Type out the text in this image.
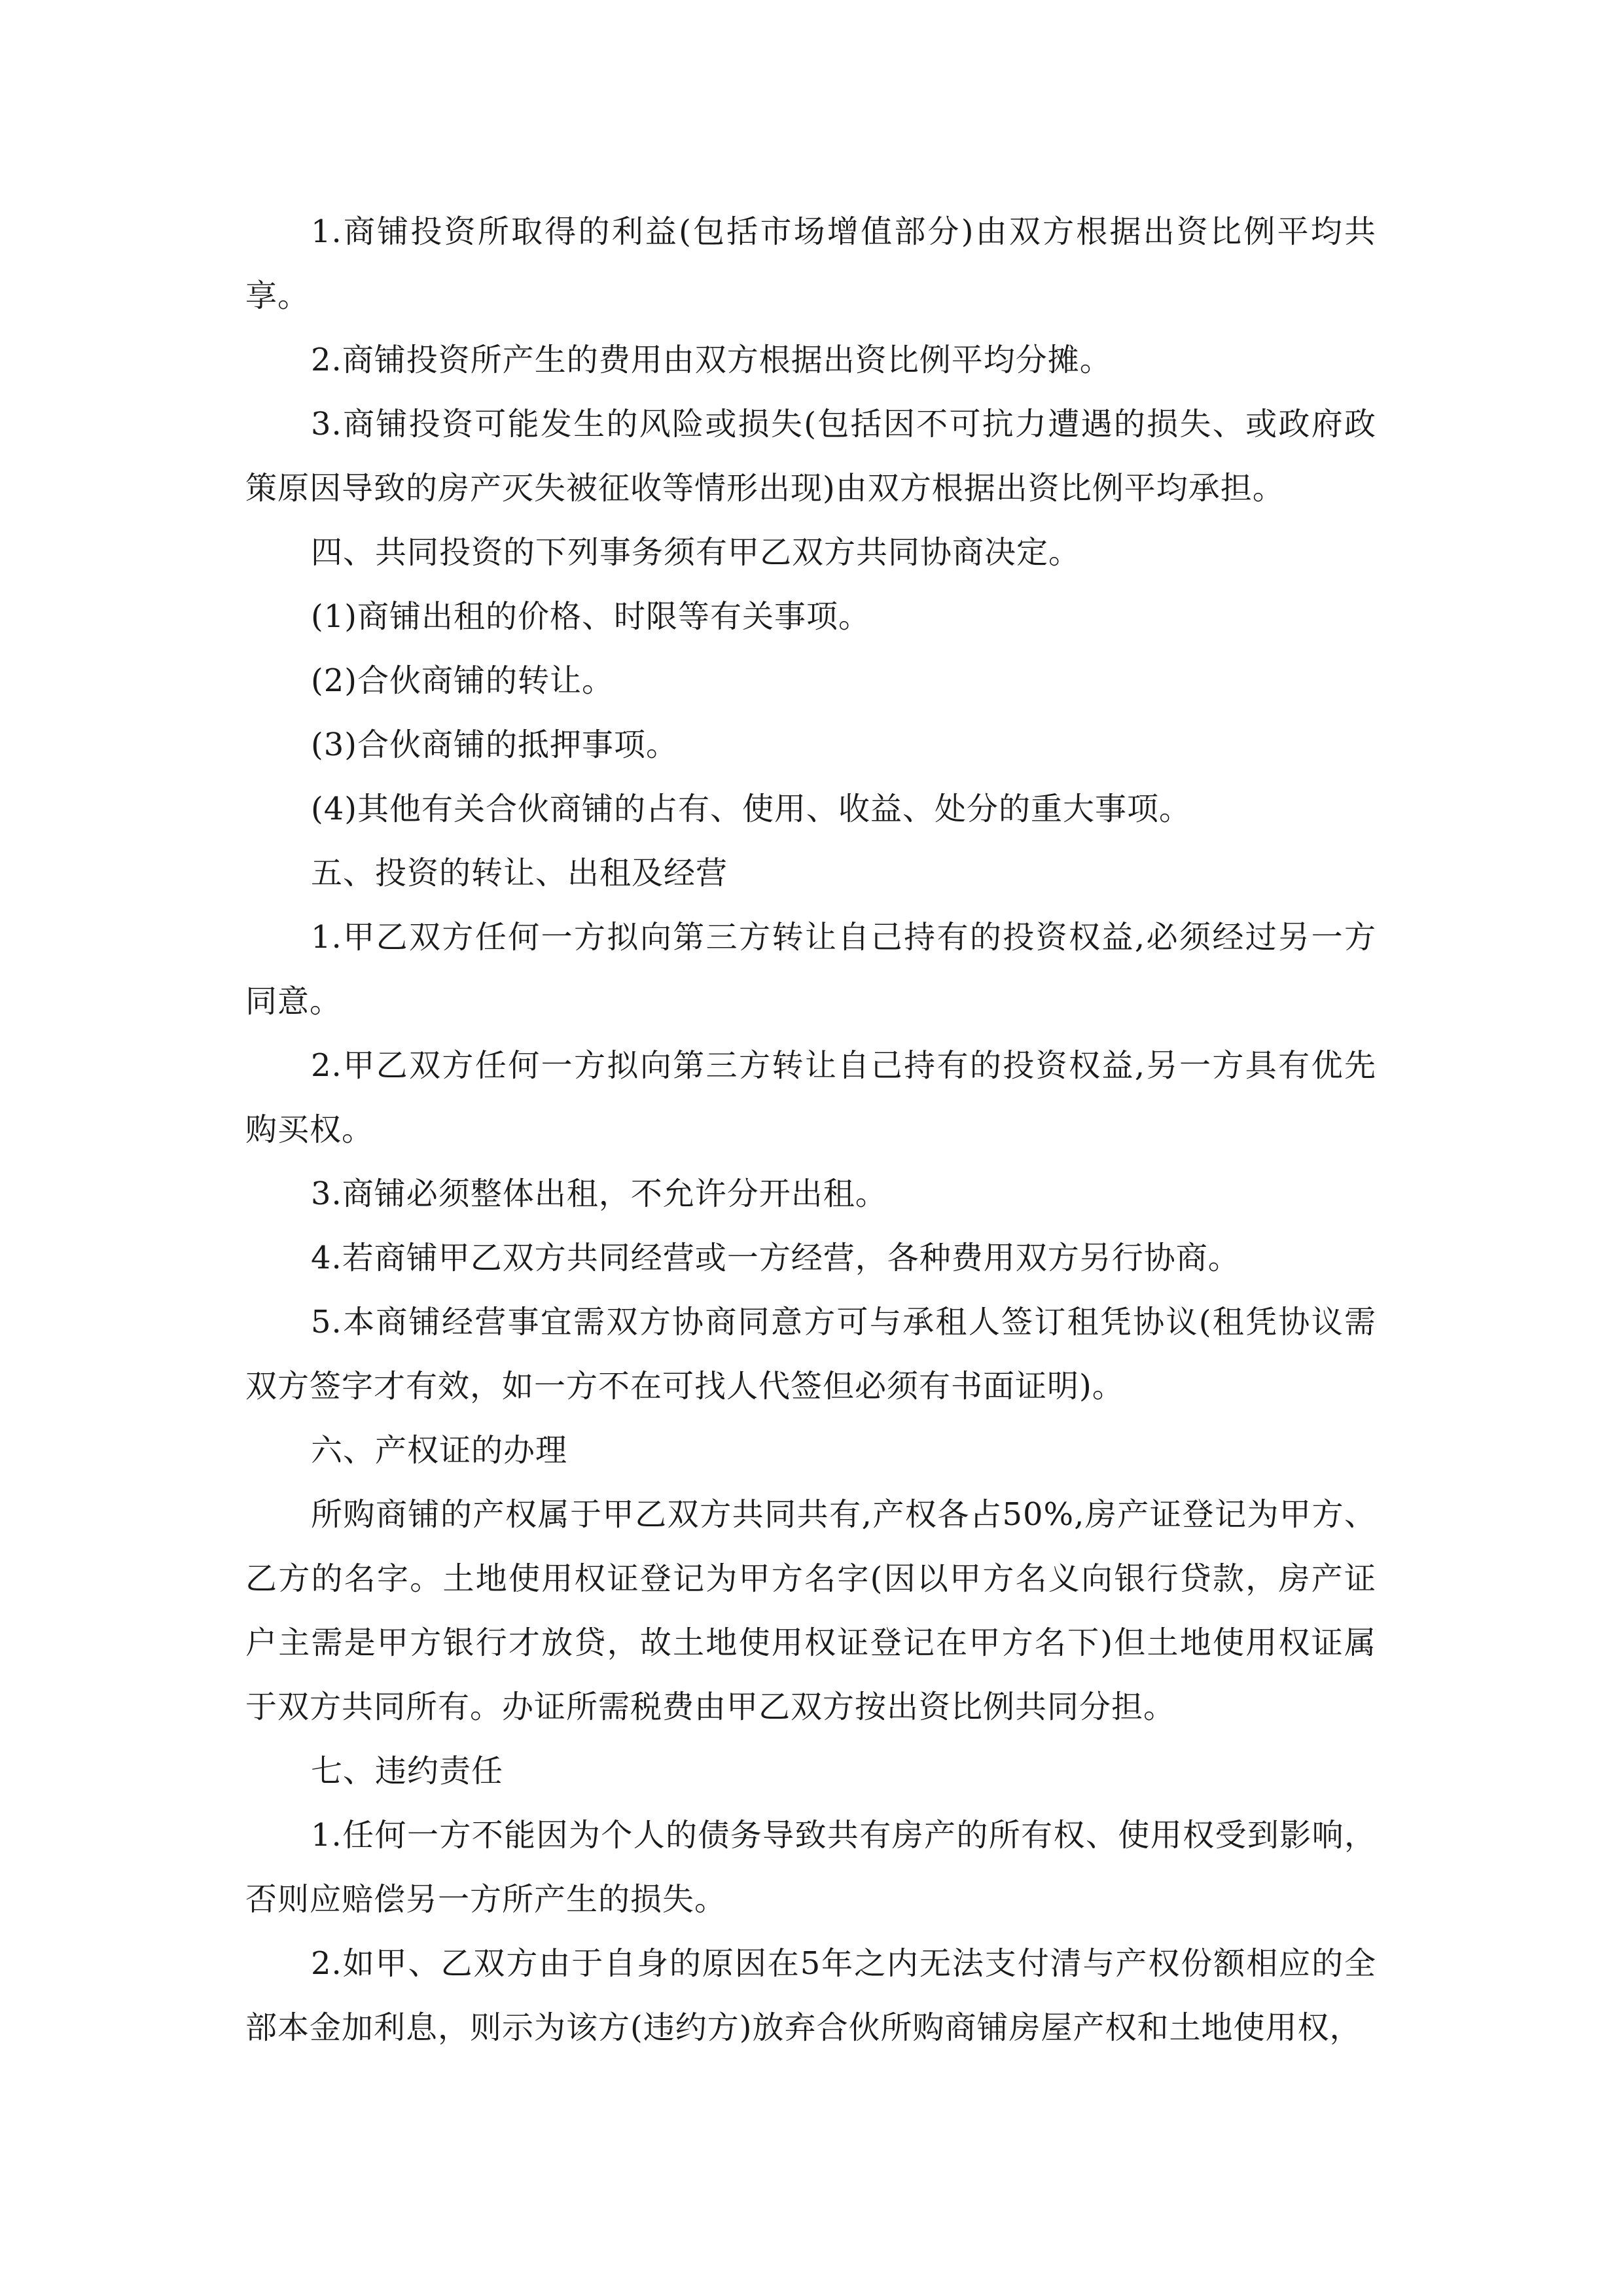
1.商铺投资所取得的利益(包括市场增值部分)由双方根据出资比例平均共享。

2.商铺投资所产生的费用由双方根据出资比例平均分摊。

3.商铺投资可能发生的风险或损失(包括因不可抗力遭遇的损失、或政府政策原因导致的房产灭失被征收等情形出现)由双方根据出资比例平均承担。

四、共同投资的下列事务须有甲乙双方共同协商决定。

(1)商铺出租的价格、时限等有关事项。

(2)合伙商铺的转让。

(3)合伙商铺的抵押事项。

(4)其他有关合伙商铺的占有、使用、收益、处分的重大事项。

五、投资的转让、出租及经营

1.甲乙双方任何一方拟向第三方转让自己持有的投资权益,必须经过另一方同意。

2.甲乙双方任何一方拟向第三方转让自己持有的投资权益,另一方具有优先购买权。

3.商铺必须整体出租，不允许分开出租。

4.若商铺甲乙双方共同经营或一方经营，各种费用双方另行协商。

5.本商铺经营事宜需双方协商同意方可与承租人签订租凭协议(租凭协议需双方签字才有效，如一方不在可找人代签但必须有书面证明)。

六、产权证的办理

所购商铺的产权属于甲乙双方共同共有,产权各占50%,房产证登记为甲方、乙方的名字。土地使用权证登记为甲方名字(因以甲方名义向银行贷款，房产证户主需是甲方银行才放贷，故土地使用权证登记在甲方名下)但土地使用权证属于双方共同所有。办证所需税费由甲乙双方按出资比例共同分担。

七、违约责任

1.任何一方不能因为个人的债务导致共有房产的所有权、使用权受到影响，否则应赔偿另一方所产生的损失。

2.如甲、乙双方由于自身的原因在5年之内无法支付清与产权份额相应的全部本金加利息，则示为该方(违约方)放弃合伙所购商铺房屋产权和土地使用权，
